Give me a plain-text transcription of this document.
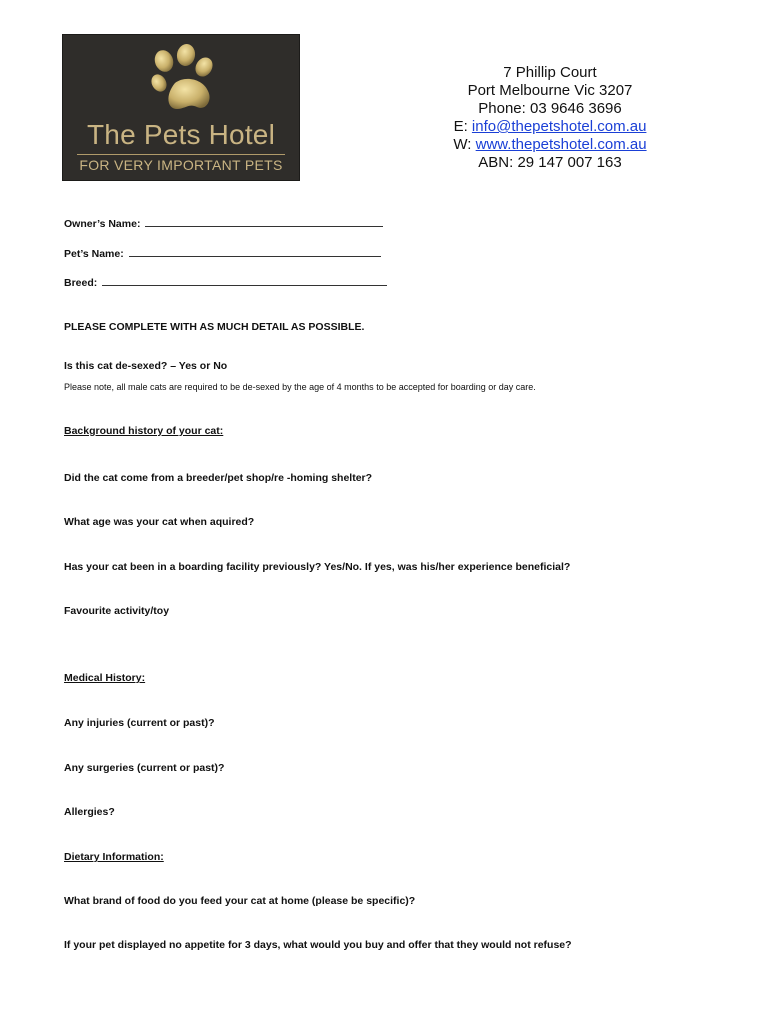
The Pets Hotel
FOR VERY IMPORTANT PETS
7 Phillip Court
Port Melbourne Vic 3207
Phone: 03 9646 3696
E: info@thepetshotel.com.au
W: www.thepetshotel.com.au
ABN: 29 147 007 163
Owner’s Name:
Pet’s Name:
Breed:
PLEASE COMPLETE WITH AS MUCH DETAIL AS POSSIBLE.
Is this cat de-sexed? – Yes or No
Please note, all male cats are required to be de-sexed by the age of 4 months to be accepted for boarding or day care.
Background history of your cat:
Did the cat come from a breeder/pet shop/re -homing shelter?
What age was your cat when aquired?
Has your cat been in a boarding facility previously? Yes/No. If yes, was his/her experience beneficial?
Favourite activity/toy
Medical History:
Any injuries (current or past)?
Any surgeries (current or past)?
Allergies?
Dietary Information:
What brand of food do you feed your cat at home (please be specific)?
If your pet displayed no appetite for 3 days, what would you buy and offer that they would not refuse?
